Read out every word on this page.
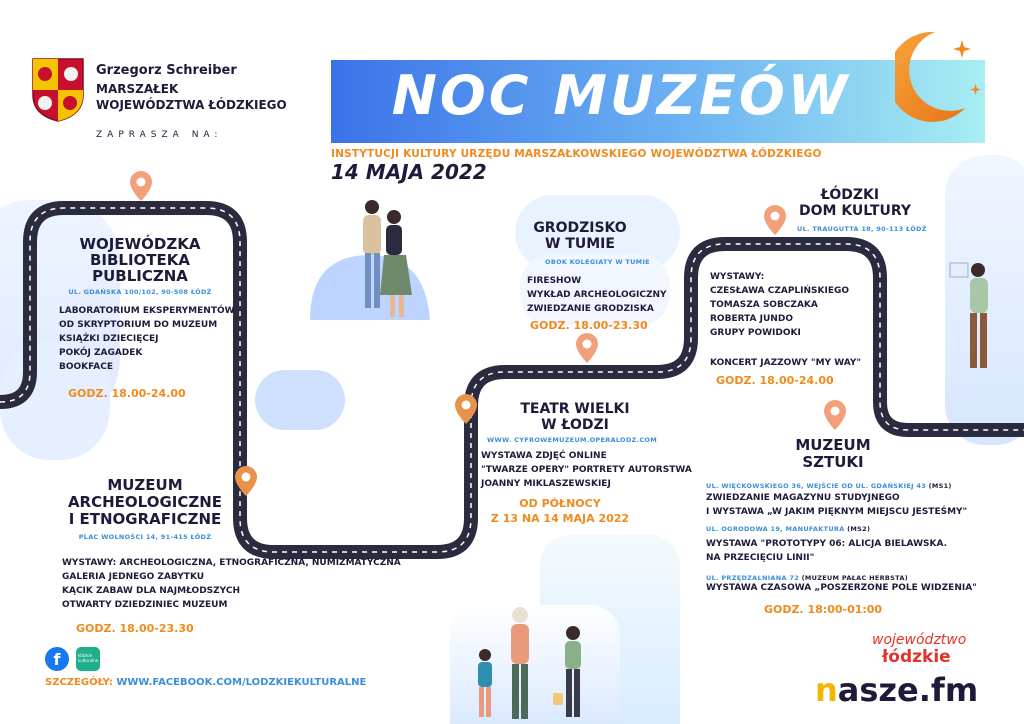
Grzegorz Schreiber
MARSZAŁEK
WOJEWÓDZTWA ŁÓDZKIEGO
ZAPRASZA NA:
NOC MUZEÓW
INSTYTUCJI KULTURY URZĘDU MARSZAŁKOWSKIEGO WOJEWÓDZTWA ŁÓDZKIEGO
14 MAJA 2022
WOJEWÓDZKA
BIBLIOTEKA
PUBLICZNA
UL. GDAŃSKA 100/102, 90-508 ŁÓDŹ
LABORATORIUM EKSPERYMENTÓW
OD SKRYPTORIUM DO MUZEUM
KSIĄŻKI DZIECIĘCEJ
POKÓJ ZAGADEK
BOOKFACE
GODZ. 18.00-24.00
GRODZISKO
W TUMIE
OBOK KOLEGIATY W TUMIE
FIRESHOW
WYKŁAD ARCHEOLOGICZNY
ZWIEDZANIE GRODZISKA
GODZ. 18.00-23.30
ŁÓDZKI
DOM KULTURY
UL. TRAUGUTTA 18, 90-113 ŁÓDŹ
WYSTAWY:
CZESŁAWA CZAPLIŃSKIEGO
TOMASZA SOBCZAKA
ROBERTA JUNDO
GRUPY POWIDOKI
KONCERT JAZZOWY "MY WAY"
GODZ. 18.00-24.00
TEATR WIELKI
W ŁODZI
WWW. CYFROWEMUZEUM.OPERALODZ.COM
WYSTAWA ZDJĘĆ ONLINE
"TWARZE OPERY" PORTRETY AUTORSTWA
JOANNY MIKLASZEWSKIEJ
OD PÓŁNOCY
Z 13 NA 14 MAJA 2022
MUZEUM
SZTUKI
UL. WIĘCKOWSKIEGO 36, WEJŚCIE OD UL. GDAŃSKIEJ 43 (MS1)
ZWIEDZANIE MAGAZYNU STUDYJNEGO
I WYSTAWA „W JAKIM PIĘKNYM MIEJSCU JESTEŚMY"
UL. OGRODOWA 19, MANUFAKTURA (MS2)
WYSTAWA "PROTOTYPY 06: ALICJA BIELAWSKA.
NA PRZECIĘCIU LINII"
UL. PRZĘDZALNIANA 72 (MUZEUM PAŁAC HERBSTA)
WYSTAWA CZASOWA „POSZERZONE POLE WIDZENIA"
GODZ. 18:00-01:00
MUZEUM
ARCHEOLOGICZNE
I ETNOGRAFICZNE
PLAC WOLNOŚCI 14, 91-415 ŁÓDŹ
WYSTAWY: ARCHEOLOGICZNA, ETNOGRAFICZNA, NUMIZMATYCZNA
GALERIA JEDNEGO ZABYTKU
KĄCIK ZABAW DLA NAJMŁODSZYCH
OTWARTY DZIEDZINIEC MUZEUM
GODZ. 18.00-23.30
f	łódzkie kulturalne
SZCZEGÓŁY: WWW.FACEBOOK.COM/LODZKIEKULTURALNE
województwo
łódzkie
nasze.fm
